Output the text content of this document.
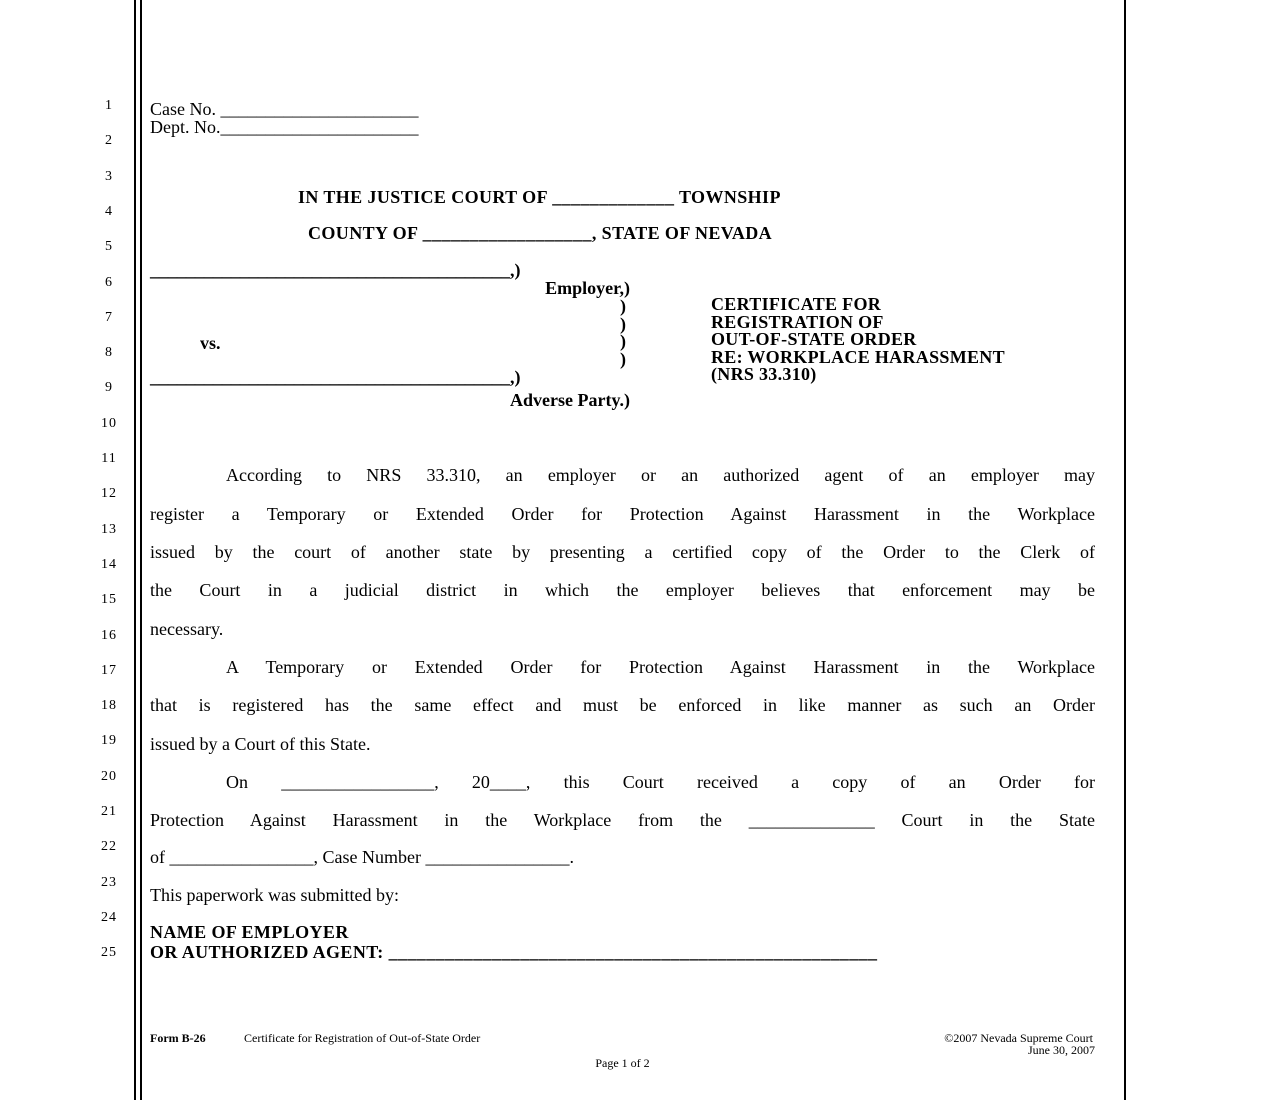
1
2
3
4
5
6
7
8
9
10
11
12
13
14
15
16
17
18
19
20
21
22
23
24
25
Case No. ______________________
Dept. No.______________________
IN THE JUSTICE COURT OF _____________ TOWNSHIP
COUNTY OF __________________, STATE OF NEVADA
________________________________________,)
Employer,)
)
)
)
)
vs.
________________________________________,)
Adverse Party.)
CERTIFICATE FOR
REGISTRATION OF
OUT-OF-STATE ORDER
RE: WORKPLACE HARASSMENT
(NRS 33.310)
According to NRS 33.310, an employer or an authorized agent of an employer may
register a Temporary or Extended Order for Protection Against Harassment in the Workplace
issued by the court of another state by presenting a certified copy of the Order to the Clerk of
the Court in a judicial district in which the employer believes that enforcement may be
necessary.
A Temporary or Extended Order for Protection Against Harassment in the Workplace
that is registered has the same effect and must be enforced in like manner as such an Order
issued by a Court of this State.
On _________________, 20____, this Court received a copy of an Order for
Protection Against Harassment in the Workplace from the ______________ Court in the State
of ________________, Case Number ________________.
This paperwork was submitted by:
NAME OF EMPLOYER
OR AUTHORIZED AGENT: ____________________________________________________
Form B-26	Certificate for Registration of Out-of-State Order	©2007 Nevada Supreme Court
June 30, 2007
Page 1 of 2
